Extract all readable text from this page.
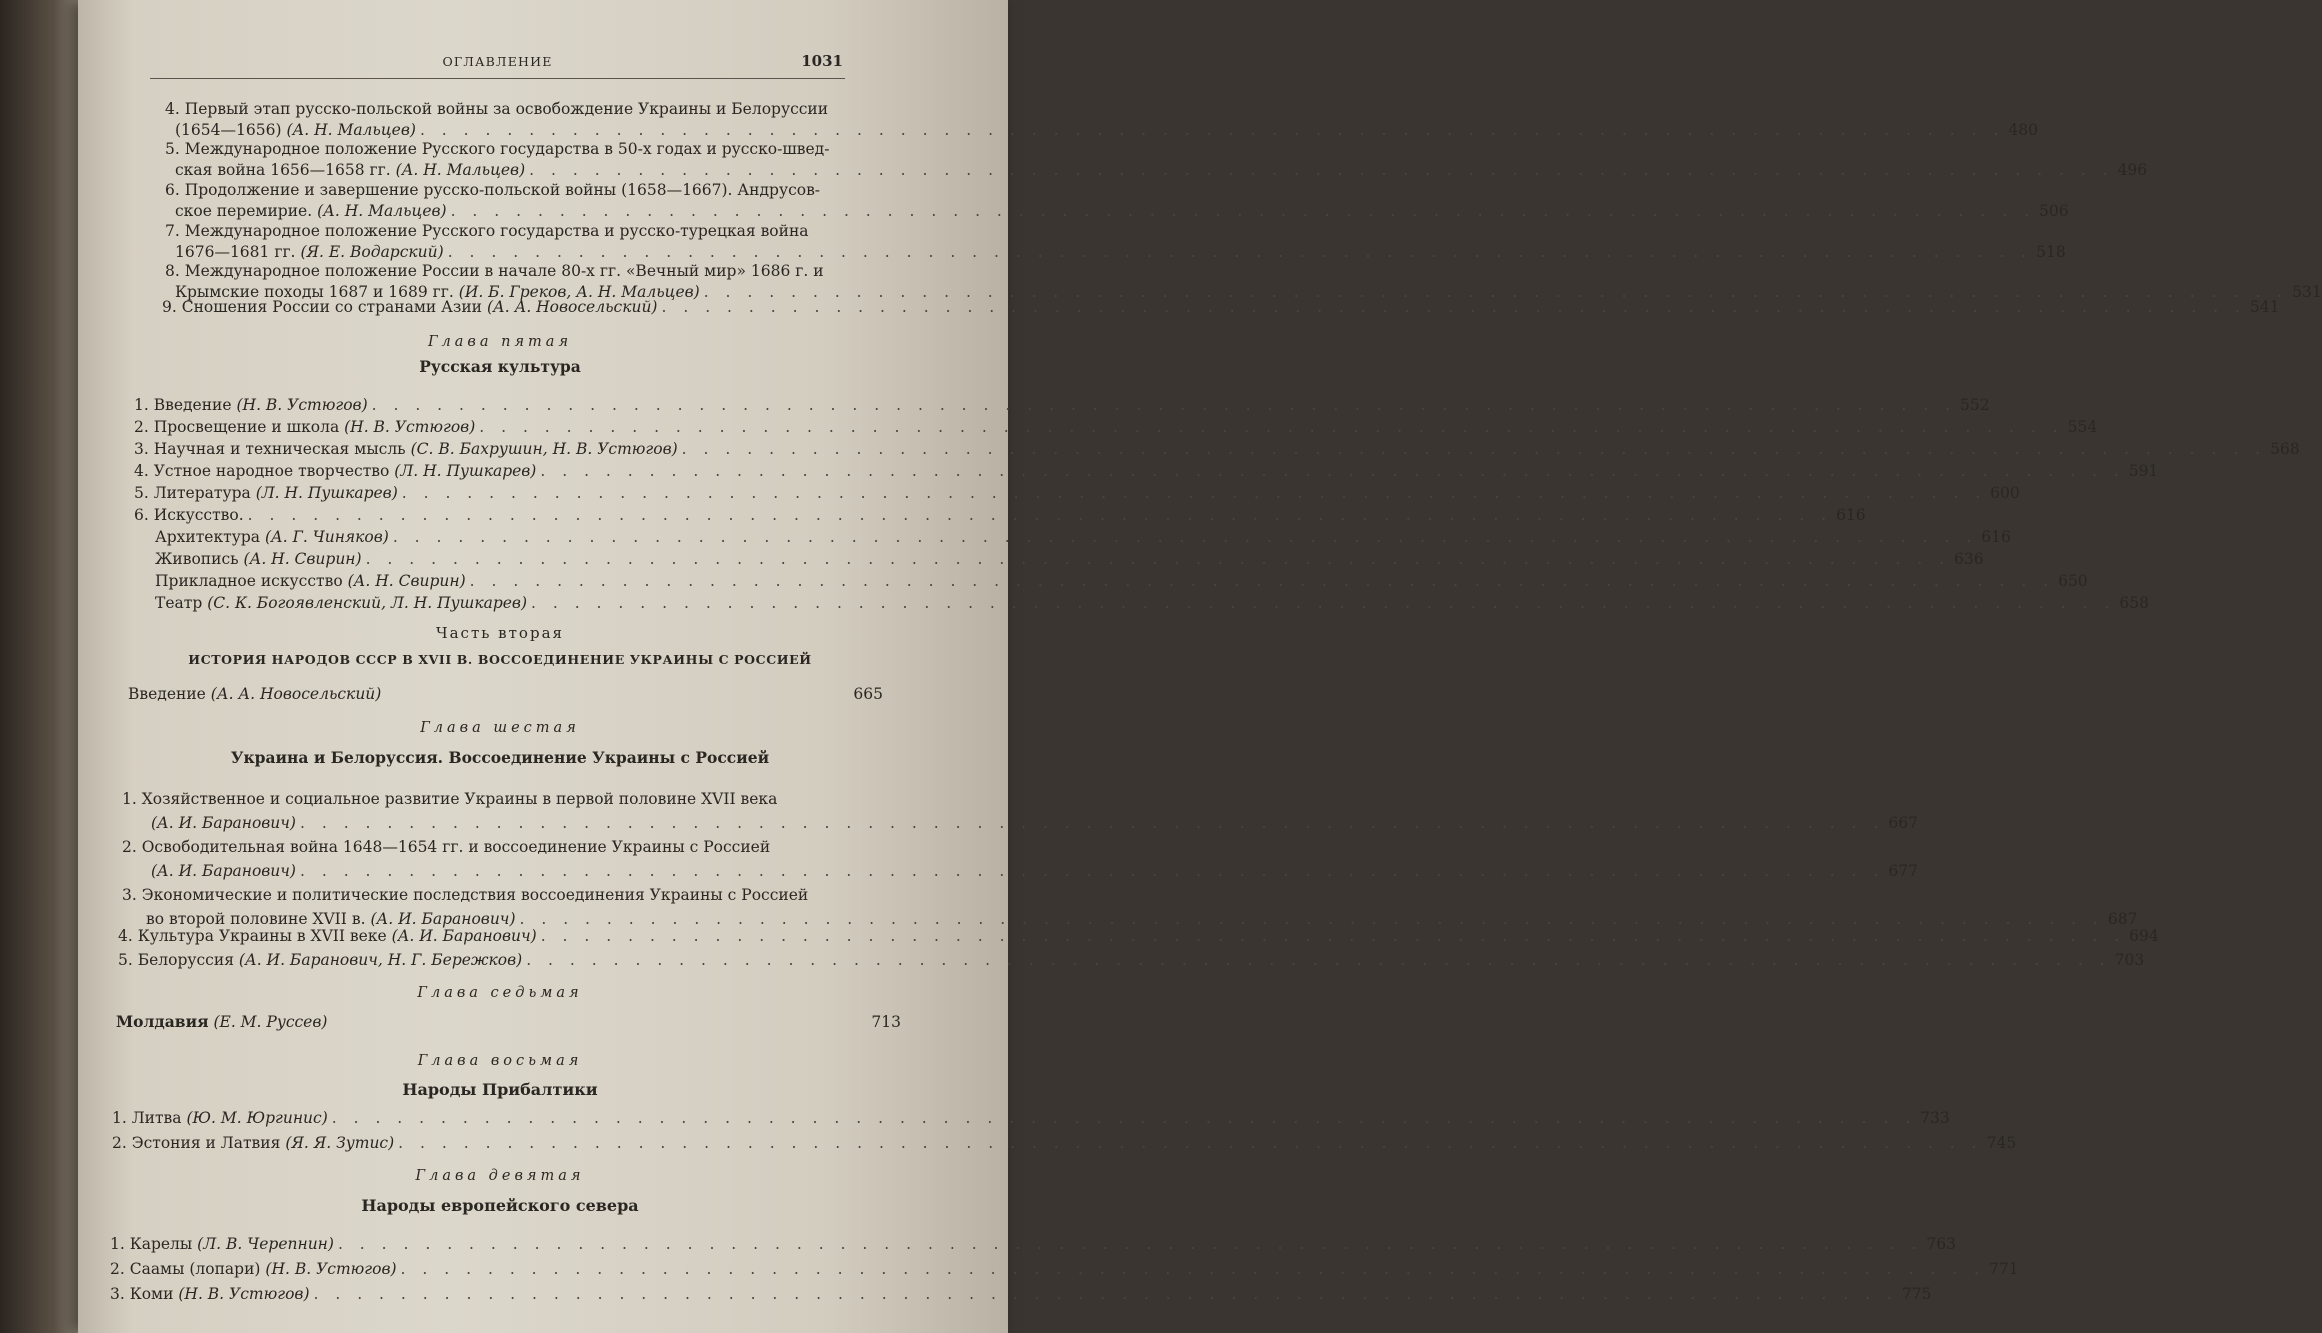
ОГЛАВЛЕНИЕ	1031
4. Первый этап русско-польской войны за освобождение Украины и Белоруссии
(1654—1656)
(А. Н. Мальцев) . . . . . . . . . . . . . . . . . . . . . . . . . . . . . . . . . . . . . . . . . . . . . . . . . . . . . . . . . . . . . . . . . . . . . . . . . 480
5. Международное положение Русского государства в 50-х годах и русско-швед-
ская война 1656—1658 гг.
(А. Н. Мальцев) . . . . . . . . . . . . . . . . . . . . . . . . . . . . . . . . . . . . . . . . . . . . . . . . . . . . . . . . . . . . . . . . . . . . . . . . . 496
6. Продолжение и завершение русско-польской войны (1658—1667). Андрусов-
ское перемирие.
(А. Н. Мальцев) . . . . . . . . . . . . . . . . . . . . . . . . . . . . . . . . . . . . . . . . . . . . . . . . . . . . . . . . . . . . . . . . . . . . . . . . . 506
7. Международное положение Русского государства и русско-турецкая война
1676—1681 гг.
(Я. Е. Водарский) . . . . . . . . . . . . . . . . . . . . . . . . . . . . . . . . . . . . . . . . . . . . . . . . . . . . . . . . . . . . . . . . . . . . . . . . . 518
8. Международное положение России в начале 80-х гг. «Вечный мир» 1686 г. и
Крымские походы 1687 и 1689 гг.
(И. Б. Греков, А. Н. Мальцев) . . . . . . . . . . . . . . . . . . . . . . . . . . . . . . . . . . . . . . . . . . . . . . . . . . . . . . . . . . . . . . . . . . . . . . . . . 531
9. Сношения России со странами Азии
(А. А. Новосельский) . . . . . . . . . . . . . . . . . . . . . . . . . . . . . . . . . . . . . . . . . . . . . . . . . . . . . . . . . . . . . . . . . . . . . . . . . 541
Глава пятая
Русская культура
1. Введение
(Н. В. Устюгов) . . . . . . . . . . . . . . . . . . . . . . . . . . . . . . . . . . . . . . . . . . . . . . . . . . . . . . . . . . . . . . . . . . . . . . . . . 552
2. Просвещение и школа
(Н. В. Устюгов) . . . . . . . . . . . . . . . . . . . . . . . . . . . . . . . . . . . . . . . . . . . . . . . . . . . . . . . . . . . . . . . . . . . . . . . . . 554
3. Научная и техническая мысль
(С. В. Бахрушин, Н. В. Устюгов) . . . . . . . . . . . . . . . . . . . . . . . . . . . . . . . . . . . . . . . . . . . . . . . . . . . . . . . . . . . . . . . . . . . . . . . . . 568
4. Устное народное творчество
(Л. Н. Пушкарев) . . . . . . . . . . . . . . . . . . . . . . . . . . . . . . . . . . . . . . . . . . . . . . . . . . . . . . . . . . . . . . . . . . . . . . . . . 591
5. Литература
(Л. Н. Пушкарев) . . . . . . . . . . . . . . . . . . . . . . . . . . . . . . . . . . . . . . . . . . . . . . . . . . . . . . . . . . . . . . . . . . . . . . . . . 600
6. Искусство. . . . . . . . . . . . . . . . . . . . . . . . . . . . . . . . . . . . . . . . . . . . . . . . . . . . . . . . . . . . . . . . . . . . . . . . . . 616
Архитектура
(А. Г. Чиняков) . . . . . . . . . . . . . . . . . . . . . . . . . . . . . . . . . . . . . . . . . . . . . . . . . . . . . . . . . . . . . . . . . . . . . . . . . 616
Живопись
(А. Н. Свирин) . . . . . . . . . . . . . . . . . . . . . . . . . . . . . . . . . . . . . . . . . . . . . . . . . . . . . . . . . . . . . . . . . . . . . . . . . 636
Прикладное искусство
(А. Н. Свирин) . . . . . . . . . . . . . . . . . . . . . . . . . . . . . . . . . . . . . . . . . . . . . . . . . . . . . . . . . . . . . . . . . . . . . . . . . 650
Театр
(С. К. Богоявленский, Л. Н. Пушкарев) . . . . . . . . . . . . . . . . . . . . . . . . . . . . . . . . . . . . . . . . . . . . . . . . . . . . . . . . . . . . . . . . . . . . . . . . . 658
Часть вторая
ИСТОРИЯ НАРОДОВ СССР В XVII В. ВОССОЕДИНЕНИЕ УКРАИНЫ С РОССИЕЙ
Введение
(А. А. Новосельский)	665
Глава шестая
Украина и Белоруссия. Воссоединение Украины с Россией
1. Хозяйственное и социальное развитие Украины в первой половине XVII века

(А. И. Баранович) . . . . . . . . . . . . . . . . . . . . . . . . . . . . . . . . . . . . . . . . . . . . . . . . . . . . . . . . . . . . . . . . . . . . . . . . . 667
2. Освободительная война 1648—1654 гг. и воссоединение Украины с Россией

(А. И. Баранович) . . . . . . . . . . . . . . . . . . . . . . . . . . . . . . . . . . . . . . . . . . . . . . . . . . . . . . . . . . . . . . . . . . . . . . . . . 677
3. Экономические и политические последствия воссоединения Украины с Россией
во второй половине XVII в.
(А. И. Баранович) . . . . . . . . . . . . . . . . . . . . . . . . . . . . . . . . . . . . . . . . . . . . . . . . . . . . . . . . . . . . . . . . . . . . . . . . . 687
4. Культура Украины в XVII веке
(А. И. Баранович) . . . . . . . . . . . . . . . . . . . . . . . . . . . . . . . . . . . . . . . . . . . . . . . . . . . . . . . . . . . . . . . . . . . . . . . . . 694
5. Белоруссия
(А. И. Баранович, Н. Г. Бережков) . . . . . . . . . . . . . . . . . . . . . . . . . . . . . . . . . . . . . . . . . . . . . . . . . . . . . . . . . . . . . . . . . . . . . . . . . 703
Глава седьмая
Молдавия
(Е. М. Руссев)	713
Глава восьмая
Народы Прибалтики
1. Литва
(Ю. М. Юргинис) . . . . . . . . . . . . . . . . . . . . . . . . . . . . . . . . . . . . . . . . . . . . . . . . . . . . . . . . . . . . . . . . . . . . . . . . . 733
2. Эстония и Латвия
(Я. Я. Зутис) . . . . . . . . . . . . . . . . . . . . . . . . . . . . . . . . . . . . . . . . . . . . . . . . . . . . . . . . . . . . . . . . . . . . . . . . . 745
Глава девятая
Народы европейского севера
1. Карелы
(Л. В. Черепнин) . . . . . . . . . . . . . . . . . . . . . . . . . . . . . . . . . . . . . . . . . . . . . . . . . . . . . . . . . . . . . . . . . . . . . . . . . 763
2. Саамы (лопари)
(Н. В. Устюгов) . . . . . . . . . . . . . . . . . . . . . . . . . . . . . . . . . . . . . . . . . . . . . . . . . . . . . . . . . . . . . . . . . . . . . . . . . 771
3. Коми
(Н. В. Устюгов) . . . . . . . . . . . . . . . . . . . . . . . . . . . . . . . . . . . . . . . . . . . . . . . . . . . . . . . . . . . . . . . . . . . . . . . . . 775
